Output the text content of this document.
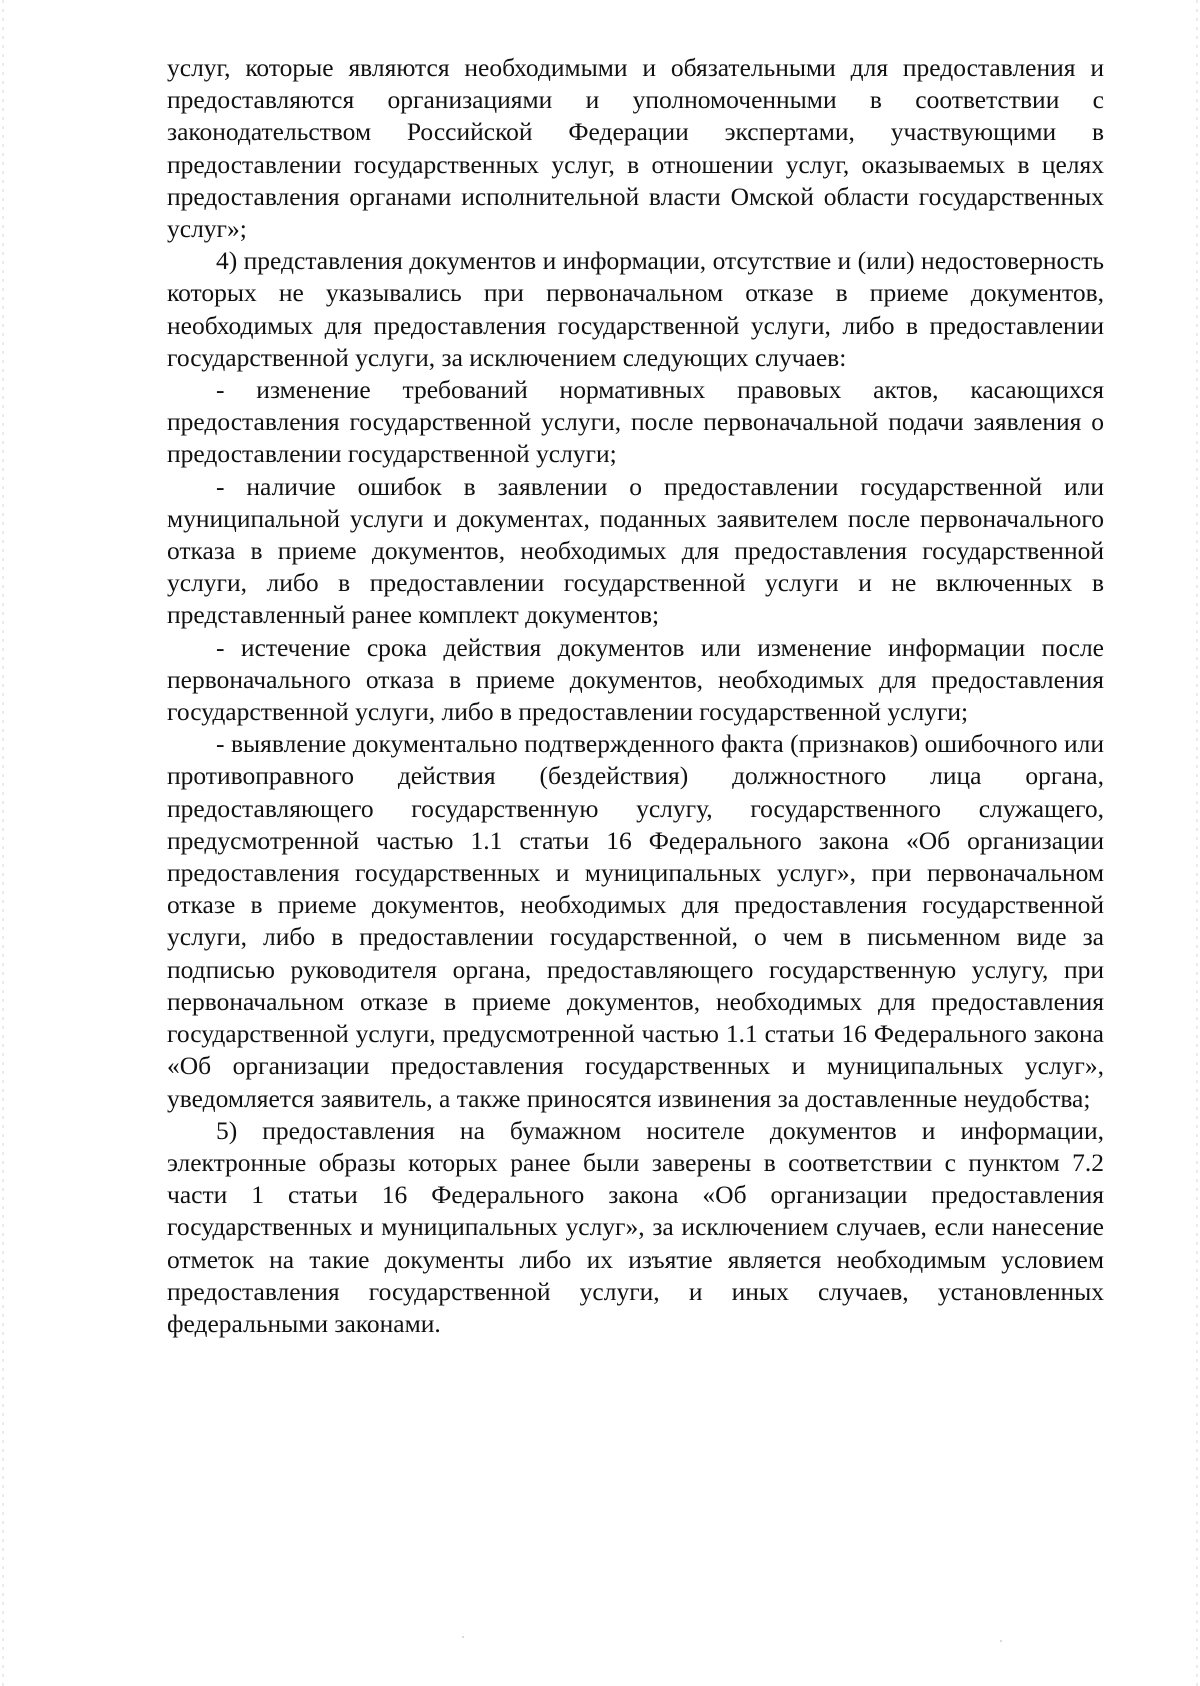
услуг, которые являются необходимыми и обязательными для предоставления и предоставляются организациями и уполномоченными в соответствии с законодательством Российской Федерации экспертами, участвующими в предоставлении государственных услуг, в отношении услуг, оказываемых в целях предоставления органами исполнительной власти Омской области государственных услуг»;

4) представления документов и информации, отсутствие и (или) недостоверность которых не указывались при первоначальном отказе в приеме документов, необходимых для предоставления государственной услуги, либо в предоставлении государственной услуги, за исключением следующих случаев:

- изменение требований нормативных правовых актов, касающихся предоставления государственной услуги, после первоначальной подачи заявления о предоставлении государственной услуги;

- наличие ошибок в заявлении о предоставлении государственной или муниципальной услуги и документах, поданных заявителем после первоначального отказа в приеме документов, необходимых для предоставления государственной услуги, либо в предоставлении государственной услуги и не включенных в представленный ранее комплект документов;

- истечение срока действия документов или изменение информации после первоначального отказа в приеме документов, необходимых для предоставления государственной услуги, либо в предоставлении государственной услуги;

- выявление документально подтвержденного факта (признаков) ошибочного или противоправного действия (бездействия) должностного лица органа, предоставляющего государственную услугу, государственного служащего, предусмотренной частью 1.1 статьи 16 Федерального закона «Об организации предоставления государственных и муниципальных услуг», при первоначальном отказе в приеме документов, необходимых для предоставления государственной услуги, либо в предоставлении государственной, о чем в письменном виде за подписью руководителя органа, предоставляющего государственную услугу, при первоначальном отказе в приеме документов, необходимых для предоставления государственной услуги, предусмотренной частью 1.1 статьи 16 Федерального закона «Об организации предоставления государственных и муниципальных услуг», уведомляется заявитель, а также приносятся извинения за доставленные неудобства;

5) предоставления на бумажном носителе документов и информации, электронные образы которых ранее были заверены в соответствии с пунктом 7.2 части 1 статьи 16 Федерального закона «Об организации предоставления государственных и муниципальных услуг», за исключением случаев, если нанесение отметок на такие документы либо их изъятие является необходимым условием предоставления государственной услуги, и иных случаев, установленных федеральными законами.
